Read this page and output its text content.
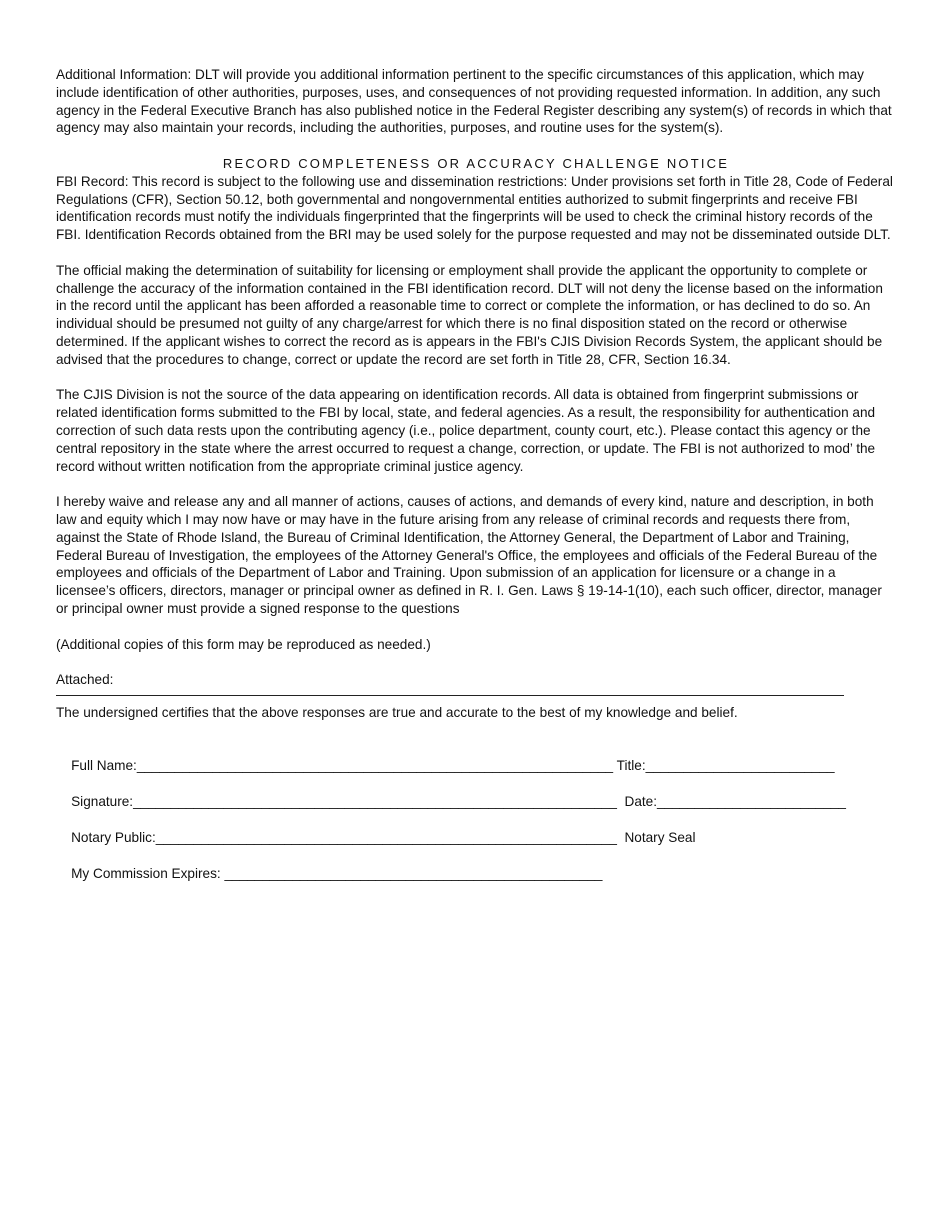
Additional Information: DLT will provide you additional information pertinent to the specific circumstances of this application, which may include identification of other authorities, purposes, uses, and consequences of not providing requested information. In addition, any such agency in the Federal Executive Branch has also published notice in the Federal Register describing any system(s) of records in which that agency may also maintain your records, including the authorities, purposes, and routine uses for the system(s).

RECORD COMPLETENESS OR ACCURACY CHALLENGE NOTICE

FBI Record: This record is subject to the following use and dissemination restrictions: Under provisions set forth in Title 28, Code of Federal Regulations (CFR), Section 50.12, both governmental and nongovernmental entities authorized to submit fingerprints and receive FBI identification records must notify the individuals fingerprinted that the fingerprints will be used to check the criminal history records of the FBI. Identification Records obtained from the BRI may be used solely for the purpose requested and may not be disseminated outside DLT.

The official making the determination of suitability for licensing or employment shall provide the applicant the opportunity to complete or challenge the accuracy of the information contained in the FBI identification record. DLT will not deny the license based on the information in the record until the applicant has been afforded a reasonable time to correct or complete the information, or has declined to do so. An individual should be presumed not guilty of any charge/arrest for which there is no final disposition stated on the record or otherwise determined. If the applicant wishes to correct the record as is appears in the FBI's CJIS Division Records System, the applicant should be advised that the procedures to change, correct or update the record are set forth in Title 28, CFR, Section 16.34.

The CJIS Division is not the source of the data appearing on identification records. All data is obtained from fingerprint submissions or related identification forms submitted to the FBI by local, state, and federal agencies. As a result, the responsibility for authentication and correction of such data rests upon the contributing agency (i.e., police department, county court, etc.). Please contact this agency or the central repository in the state where the arrest occurred to request a change, correction, or update. The FBI is not authorized to mod’ the record without written notification from the appropriate criminal justice agency.

I hereby waive and release any and all manner of actions, causes of actions, and demands of every kind, nature and description, in both law and equity which I may now have or may have in the future arising from any release of criminal records and requests there from, against the State of Rhode Island, the Bureau of Criminal Identification, the Attorney General, the Department of Labor and Training, Federal Bureau of Investigation, the employees of the Attorney General's Office, the employees and officials of the Federal Bureau of the employees and officials of the Department of Labor and Training. Upon submission of an application for licensure or a change in a licensee’s officers, directors, manager or principal owner as defined in R. I. Gen. Laws § 19-14-1(10), each such officer, director, manager or principal owner must provide a signed response to the questions

(Additional copies of this form may be reproduced as needed.)

Attached:

The undersigned certifies that the above responses are true and accurate to the best of my knowledge and belief.

Full Name:_______________________________________________________________ Title:_________________________

Signature:________________________________________________________________ Date:_________________________

Notary Public:_____________________________________________________________ Notary Seal

My Commission Expires: __________________________________________________
